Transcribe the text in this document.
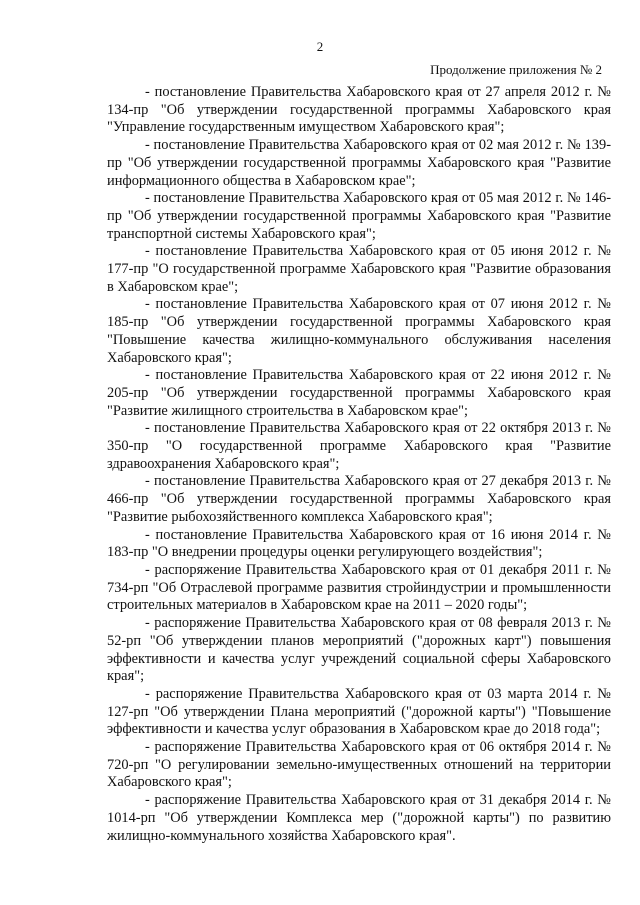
2
Продолжение приложения № 2

- постановление Правительства Хабаровского края от 27 апреля 2012 г. № 134-пр "Об утверждении государственной программы Хабаровского края "Управление государственным имуществом Хабаровского края";

- постановление Правительства Хабаровского края от 02 мая 2012 г. № 139-пр "Об утверждении государственной программы Хабаровского края "Развитие информационного общества в Хабаровском крае";

- постановление Правительства Хабаровского края от 05 мая 2012 г. № 146-пр "Об утверждении государственной программы Хабаровского края "Развитие транспортной системы Хабаровского края";

- постановление Правительства Хабаровского края от 05 июня 2012 г. № 177-пр "О государственной программе Хабаровского края "Развитие образования в Хабаровском крае";

- постановление Правительства Хабаровского края от 07 июня 2012 г. № 185-пр "Об утверждении государственной программы Хабаровского края "Повышение качества жилищно-коммунального обслуживания населения Хабаровского края";

- постановление Правительства Хабаровского края от 22 июня 2012 г. № 205-пр "Об утверждении государственной программы Хабаровского края "Развитие жилищного строительства в Хабаровском крае";

- постановление Правительства Хабаровского края от 22 октября 2013 г. № 350-пр "О государственной программе Хабаровского края "Развитие здравоохранения Хабаровского края";

- постановление Правительства Хабаровского края от 27 декабря 2013 г. № 466-пр "Об утверждении государственной программы Хабаровского края "Развитие рыбохозяйственного комплекса Хабаровского края";

- постановление Правительства Хабаровского края от 16 июня 2014 г. № 183-пр "О внедрении процедуры оценки регулирующего воздействия";

- распоряжение Правительства Хабаровского края от 01 декабря 2011 г. № 734-рп "Об Отраслевой программе развития стройиндустрии и промышленности строительных материалов в Хабаровском крае на 2011 – 2020 годы";

- распоряжение Правительства Хабаровского края от 08 февраля 2013 г. № 52-рп "Об утверждении планов мероприятий ("дорожных карт") повышения эффективности и качества услуг учреждений социальной сферы Хабаровского края";

- распоряжение Правительства Хабаровского края от 03 марта 2014 г. № 127-рп "Об утверждении Плана мероприятий ("дорожной карты") "Повышение эффективности и качества услуг образования в Хабаровском крае до 2018 года";

- распоряжение Правительства Хабаровского края от 06 октября 2014 г. № 720-рп "О регулировании земельно-имущественных отношений на территории Хабаровского края";

- распоряжение Правительства Хабаровского края от 31 декабря 2014 г. № 1014-рп "Об утверждении Комплекса мер ("дорожной карты") по развитию жилищно-коммунального хозяйства Хабаровского края".
